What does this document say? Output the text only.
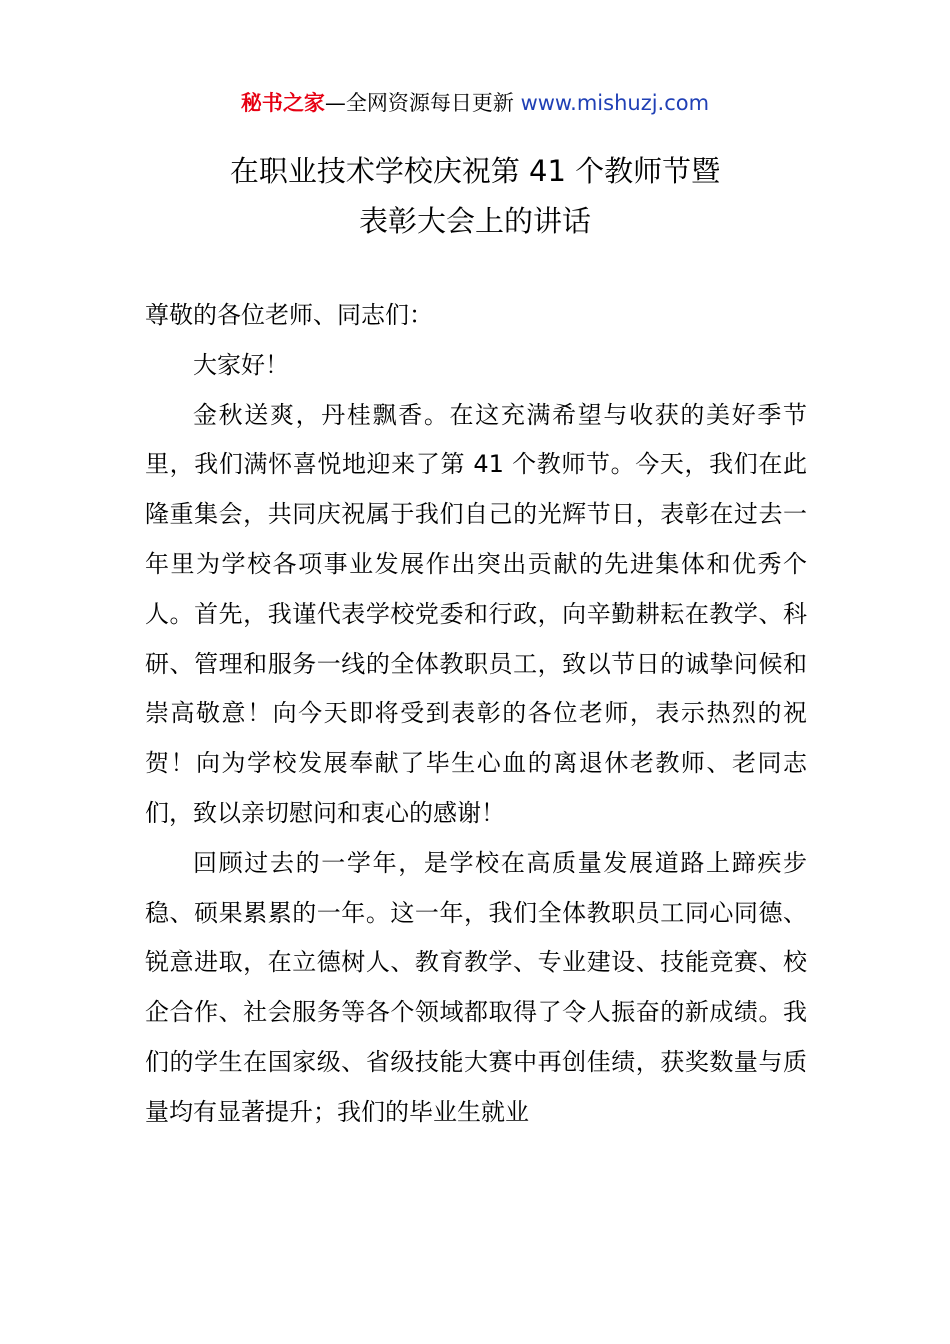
秘书之家—全网资源每日更新 www.mishuzj.com
在职业技术学校庆祝第 41 个教师节暨
表彰大会上的讲话

尊敬的各位老师、同志们：

大家好！

金秋送爽，丹桂飘香。在这充满希望与收获的美好季节里，我们满怀喜悦地迎来了第 41 个教师节。今天，我们在此隆重集会，共同庆祝属于我们自己的光辉节日，表彰在过去一年里为学校各项事业发展作出突出贡献的先进集体和优秀个人。首先，我谨代表学校党委和行政，向辛勤耕耘在教学、科研、管理和服务一线的全体教职员工，致以节日的诚挚问候和崇高敬意！向今天即将受到表彰的各位老师，表示热烈的祝贺！向为学校发展奉献了毕生心血的离退休老教师、老同志们，致以亲切慰问和衷心的感谢！

回顾过去的一学年，是学校在高质量发展道路上蹄疾步稳、硕果累累的一年。这一年，我们全体教职员工同心同德、锐意进取，在立德树人、教育教学、专业建设、技能竞赛、校企合作、社会服务等各个领域都取得了令人振奋的新成绩。我们的学生在国家级、省级技能大赛中再创佳绩，获奖数量与质量均有显著提升；我们的毕业生就业
